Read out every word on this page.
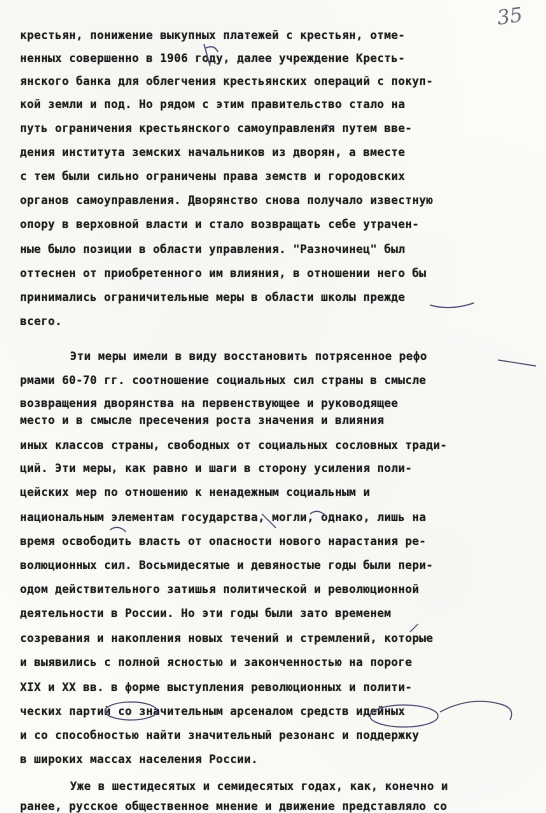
35
крестьян, понижение выкупных платежей с крестьян, отме-
ненных совершенно в 1906 году, далее учреждение Кресть-
янского банка для облегчения крестьянских операций с покуп-
кой земли и под. Но рядом с этим правительство стало на
путь ограничения крестьянского самоуправления путем вве-
дения института земских начальников из дворян, а вместе
с тем были сильно ограничены права земств и городовских
органов самоуправления. Дворянство снова получало известную
опору в верховной власти и стало возвращать себе утрачен-
ные было позиции в области управления. "Разночинец" был
оттеснен от приобретенного им влияния, в отношении него бы
принимались ограничительные меры в области школы прежде
всего.
Эти меры имели в виду восстановить потрясенное рефо
рмами 60-70 гг. соотношение социальных сил страны в смысле
возвращения дворянства на первенствующее и руководящее
местo и в смысле пресечения роста значения и влияния
иных классов страны, свободных от социальных сословных тради-
ций. Эти меры, как равно и шаги в сторону усиления поли-
цейских мер по отношению к ненадежным социальным и
национальным элементам государства, могли, однако, лишь на
время освободить власть от опасности нового нарастания ре-
волюционных сил. Восьмидесятые и девяностые годы были пери-
одом действительного затишья политической и революционной
деятельности в России. Но эти годы были зато временем
созревания и накопления новых течений и стремлений, которые
и выявились с полной ясностью и законченностью на пороге
XIX и XX вв. в форме выступления революционных и полити-
ческих партий со значительным арсеналом средств идейных
и со способностью найти значительный резонанс и поддержку
в широких массах населения России.
Уже в шестидесятых и семидесятых годах, как, конечно и
ранее, русское общественное мнение и движение представляло со
